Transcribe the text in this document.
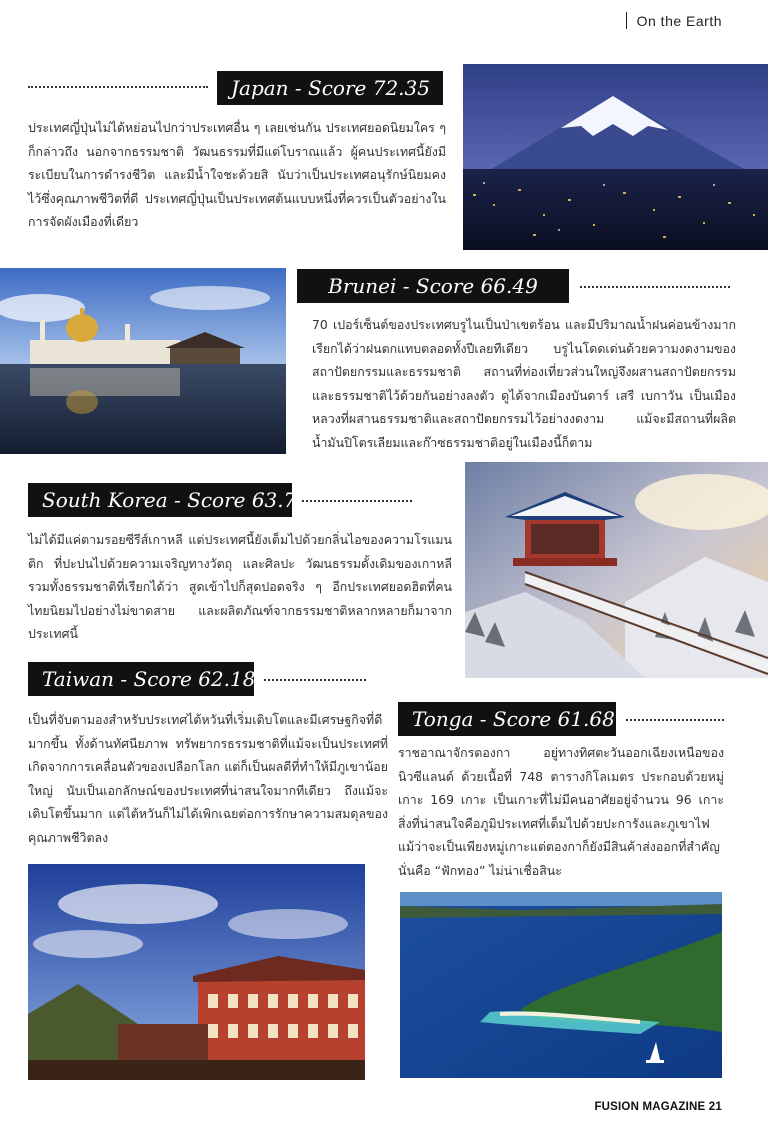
On the Earth
Japan - Score 72.35
ประเทศญี่ปุ่นไม่ได้หย่อนไปกว่าประเทศอื่น ๆ เลยเช่นกัน ประเทศยอดนิยมใคร ๆ ก็กล่าวถึง นอกจากธรรมชาติ วัฒนธรรมที่มีแต่โบราณแล้ว ผู้คนประเทศนี้ยังมีระเบียบในการดำรงชีวิต และมีน้ำใจชะด้วยสิ นับว่าเป็นประเทศอนุรักษ์นิยมคงไว้ซึ่งคุณภาพชีวิตที่ดี ประเทศญี่ปุ่นเป็นประเทศต้นแบบหนึ่งที่ควรเป็นตัวอย่างในการจัดผังเมืองที่เดียว
Brunei - Score 66.49
70 เปอร์เซ็นต์ของประเทศบรูไนเป็นป่าเขตร้อน และมีปริมาณน้ำฝนค่อนข้างมาก เรียกได้ว่าฝนตกแทบตลอดทั้งปีเลยทีเดียว บรูไนโดดเด่นด้วยความงดงามของสถาปัตยกรรมและธรรมชาติ สถานที่ท่องเที่ยวส่วนใหญ่จึงผสานสถาปัตยกรรมและธรรมชาติไว้ด้วยกันอย่างลงตัว ดูได้จากเมืองบันดาร์ เสรี เบกาวัน เป็นเมืองหลวงที่ผสานธรรมชาติและสถาปัตยกรรมไว้อย่างงดงาม แม้จะมีสถานที่ผลิตน้ำมันปิโตรเลียมและก๊าซธรรมชาติอยู่ในเมืองนี้ก็ตาม
South Korea - Score 63.79
ไม่ได้มีแค่ตามรอยซีรีส์เกาหลี แต่ประเทศนี้ยังเต็มไปด้วยกลิ่นไอของความโรแมนติก ที่ปะปนไปด้วยความเจริญทางวัตถุ และศิลปะ วัฒนธรรมดั้งเดิมของเกาหลี รวมทั้งธรรมชาติที่เรียกได้ว่า สูดเข้าไปก็สุดปอดจริง ๆ อีกประเทศยอดฮิตที่คนไทยนิยมไปอย่างไม่ขาดสาย และผลิตภัณฑ์จากธรรมชาติหลากหลายก็มาจากประเทศนี้
Taiwan - Score 62.18
เป็นที่จับตามองสำหรับประเทศไต้หวันที่เริ่มเติบโตและมีเศรษฐกิจที่ดีมากขึ้น ทั้งด้านทัศนียภาพ ทรัพยากรธรรมชาติที่แม้จะเป็นประเทศที่เกิดจากการเคลื่อนตัวของเปลือกโลก แต่ก็เป็นผลดีที่ทำให้มีภูเขาน้อยใหญ่ นับเป็นเอกลักษณ์ของประเทศที่น่าสนใจมากทีเดียว ถึงแม้จะเติบโตขึ้นมาก แต่ไต้หวันก็ไม่ได้เพิกเฉยต่อการรักษาความสมดุลของคุณภาพชีวิตลง
Tonga - Score 61.68
ราชอาณาจักรตองกา อยู่ทางทิศตะวันออกเฉียงเหนือของนิวซีแลนด์ ด้วยเนื้อที่ 748 ตารางกิโลเมตร ประกอบด้วยหมู่เกาะ 169 เกาะ เป็นเกาะที่ไม่มีคนอาศัยอยู่จำนวน 96 เกาะ สิ่งที่น่าสนใจคือภูมิประเทศที่เต็มไปด้วยปะการังและภูเขาไฟ แม้ว่าจะเป็นเพียงหมู่เกาะแต่ตองกาก็ยังมีสินค้าส่งออกที่สำคัญ นั่นคือ “ฟักทอง” ไม่น่าเชื่อสินะ
FUSION MAGAZINE 21
